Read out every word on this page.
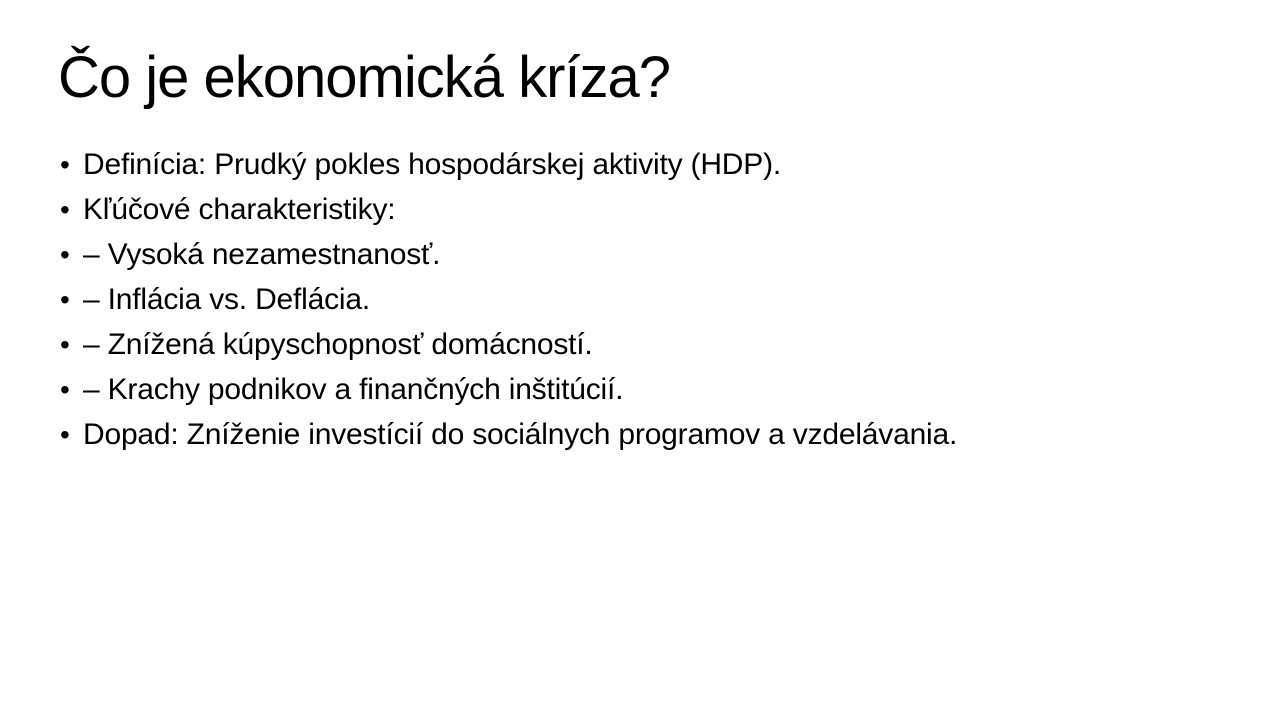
Čo je ekonomická kríza?
• Definícia: Prudký pokles hospodárskej aktivity (HDP).
• Kľúčové charakteristiky:
• – Vysoká nezamestnanosť.
• – Inflácia vs. Deflácia.
• – Znížená kúpyschopnosť domácností.
• – Krachy podnikov a finančných inštitúcií.
• Dopad: Zníženie investícií do sociálnych programov a vzdelávania.
